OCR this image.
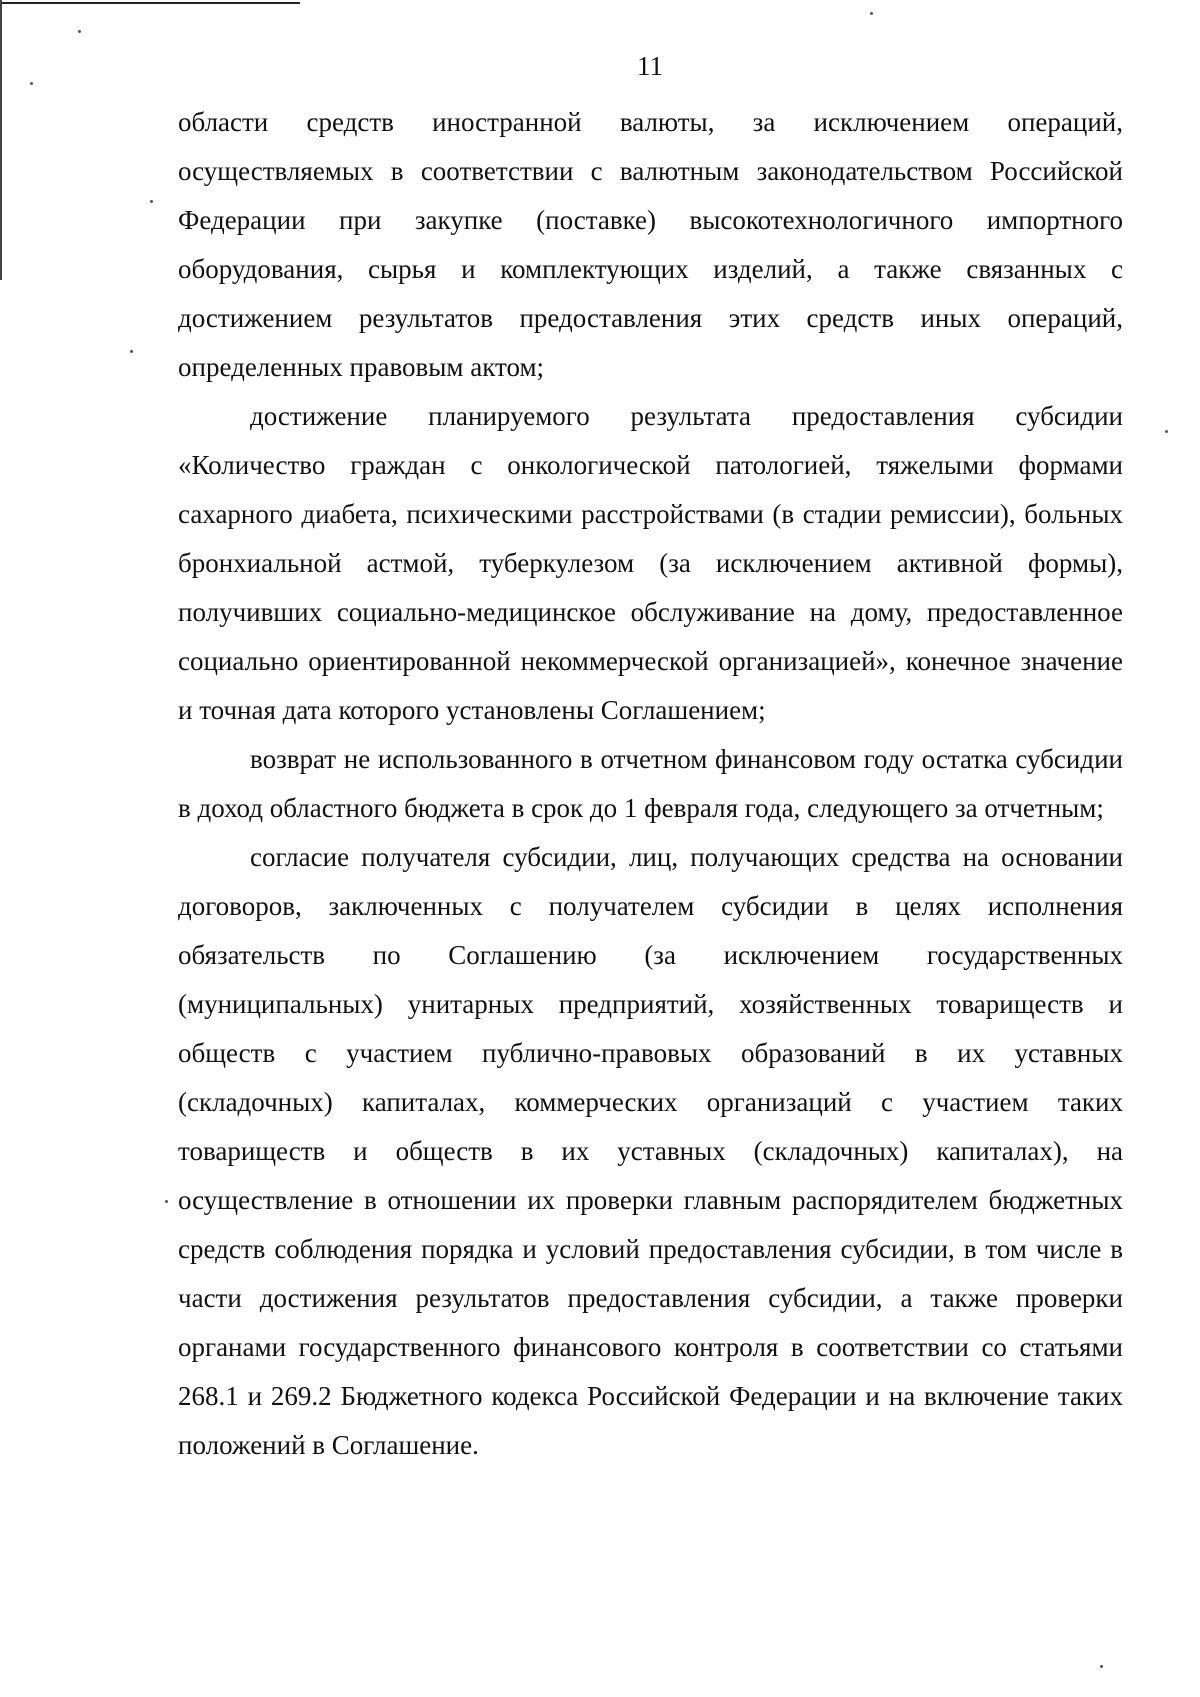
11

области средств иностранной валюты, за исключением операций, осуществляемых в соответствии с валютным законодательством Российской Федерации при закупке (поставке) высокотехнологичного импортного оборудования, сырья и комплектующих изделий, а также связанных с достижением результатов предоставления этих средств иных операций, определенных правовым актом;

достижение планируемого результата предоставления субсидии «Количество граждан с онкологической патологией, тяжелыми формами сахарного диабета, психическими расстройствами (в стадии ремиссии), больных бронхиальной астмой, туберкулезом (за исключением активной формы), получивших социально-медицинское обслуживание на дому, предоставленное социально ориентированной некоммерческой организацией», конечное значение и точная дата которого установлены Соглашением;

возврат не использованного в отчетном финансовом году остатка субсидии в доход областного бюджета в срок до 1 февраля года, следующего за отчетным;

согласие получателя субсидии, лиц, получающих средства на основании договоров, заключенных с получателем субсидии в целях исполнения обязательств по Соглашению (за исключением государственных (муниципальных) унитарных предприятий, хозяйственных товариществ и обществ с участием публично-правовых образований в их уставных (складочных) капиталах, коммерческих организаций с участием таких товариществ и обществ в их уставных (складочных) капиталах), на осуществление в отношении их проверки главным распорядителем бюджетных средств соблюдения порядка и условий предоставления субсидии, в том числе в части достижения результатов предоставления субсидии, а также проверки органами государственного финансового контроля в соответствии со статьями 268.1 и 269.2 Бюджетного кодекса Российской Федерации и на включение таких положений в Соглашение.
